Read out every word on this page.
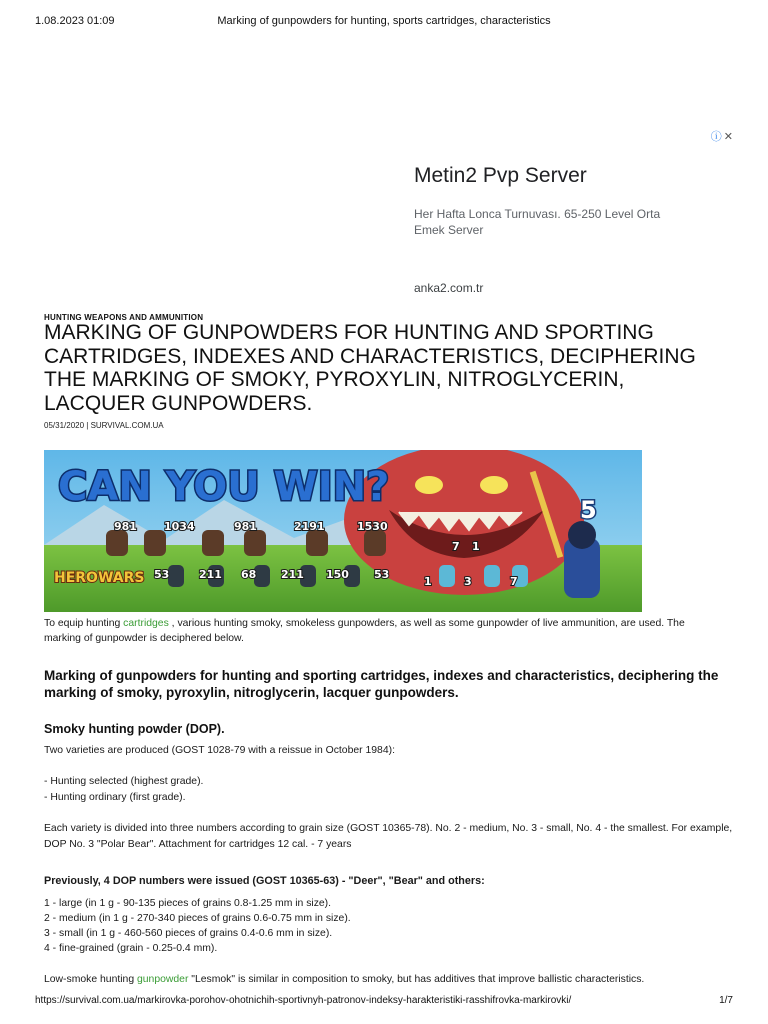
1.08.2023 01:09	Marking of gunpowders for hunting, sports cartridges, characteristics
ⓘ ✕
Metin2 Pvp Server
Her Hafta Lonca Turnuvası. 65-250 Level Orta Emek Server
anka2.com.tr
HUNTING WEAPONS AND AMMUNITION
MARKING OF GUNPOWDERS FOR HUNTING AND SPORTING CARTRIDGES, INDEXES AND CHARACTERISTICS, DECIPHERING THE MARKING OF SMOKY, PYROXYLIN, NITROGLYCERIN, LACQUER GUNPOWDERS.
05/31/2020 | SURVIVAL.COM.UA
CAN YOU WIN?
HEROWARS
981 1034	981	2191	1530
53	211 68 211 150 53
7 1
1	3	7
5

To equip hunting cartridges , various hunting smoky, smokeless gunpowders, as well as some gunpowder of live ammunition, are used. The marking of gunpowder is deciphered below.

Marking of gunpowders for hunting and sporting cartridges, indexes and characteristics, deciphering the marking of smoky, pyroxylin, nitroglycerin, lacquer gunpowders.
Smoky hunting powder (DOP).

Two varieties are produced (GOST 1028-79 with a reissue in October 1984):

- Hunting selected (highest grade).

- Hunting ordinary (first grade).

Each variety is divided into three numbers according to grain size (GOST 10365-78). No. 2 - medium, No. 3 - small, No. 4 - the smallest. For example, DOP No. 3 "Polar Bear". Attachment for cartridges 12 cal. - 7 years

Previously, 4 DOP numbers were issued (GOST 10365-63) - "Deer", "Bear" and others:

1 - large (in 1 g - 90-135 pieces of grains 0.8-1.25 mm in size).

2 - medium (in 1 g - 270-340 pieces of grains 0.6-0.75 mm in size).

3 - small (in 1 g - 460-560 pieces of grains 0.4-0.6 mm in size).

4 - fine-grained (grain - 0.25-0.4 mm).

Low-smoke hunting gunpowder "Lesmok" is similar in composition to smoky, but has additives that improve ballistic characteristics.

https://survival.com.ua/markirovka-porohov-ohotnichih-sportivnyh-patronov-indeksy-harakteristiki-rasshifrovka-markirovki/	1/7
